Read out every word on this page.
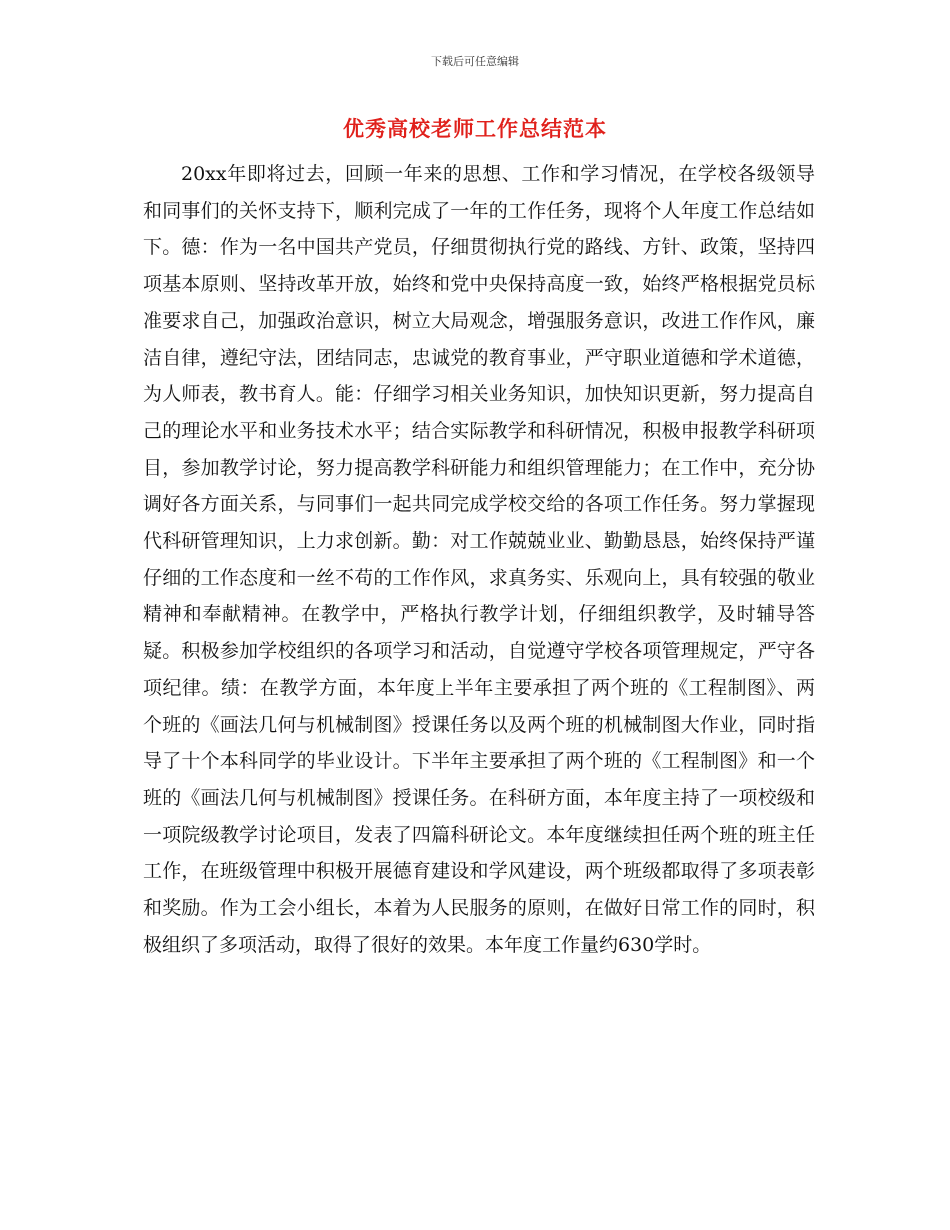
下载后可任意编辑
优秀高校老师工作总结范本

20xx年即将过去，回顾一年来的思想、工作和学习情况，在学校各级领导和同事们的关怀支持下，顺利完成了一年的工作任务，现将个人年度工作总结如下。德：作为一名中国共产党员，仔细贯彻执行党的路线、方针、政策，坚持四项基本原则、坚持改革开放，始终和党中央保持高度一致，始终严格根据党员标准要求自己，加强政治意识，树立大局观念，增强服务意识，改进工作作风，廉洁自律，遵纪守法，团结同志，忠诚党的教育事业，严守职业道德和学术道德，为人师表，教书育人。能：仔细学习相关业务知识，加快知识更新，努力提高自己的理论水平和业务技术水平；结合实际教学和科研情况，积极申报教学科研项目，参加教学讨论，努力提高教学科研能力和组织管理能力；在工作中，充分协调好各方面关系，与同事们一起共同完成学校交给的各项工作任务。努力掌握现代科研管理知识，上力求创新。勤：对工作兢兢业业、勤勤恳恳，始终保持严谨仔细的工作态度和一丝不苟的工作作风，求真务实、乐观向上，具有较强的敬业精神和奉献精神。在教学中，严格执行教学计划，仔细组织教学，及时辅导答疑。积极参加学校组织的各项学习和活动，自觉遵守学校各项管理规定，严守各项纪律。绩：在教学方面，本年度上半年主要承担了两个班的《工程制图》、两个班的《画法几何与机械制图》授课任务以及两个班的机械制图大作业，同时指导了十个本科同学的毕业设计。下半年主要承担了两个班的《工程制图》和一个班的《画法几何与机械制图》授课任务。在科研方面，本年度主持了一项校级和一项院级教学讨论项目，发表了四篇科研论文。本年度继续担任两个班的班主任工作，在班级管理中积极开展德育建设和学风建设，两个班级都取得了多项表彰和奖励。作为工会小组长，本着为人民服务的原则，在做好日常工作的同时，积极组织了多项活动，取得了很好的效果。本年度工作量约630学时。
